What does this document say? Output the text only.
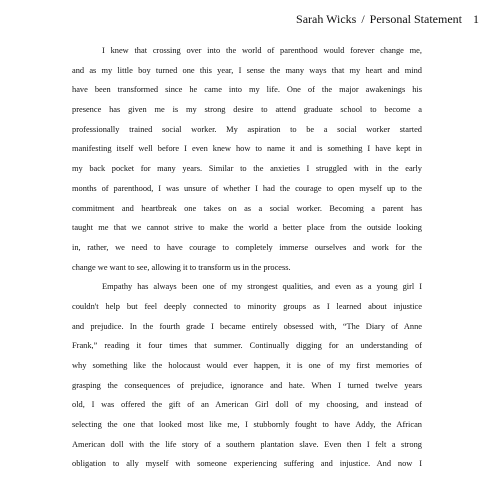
Sarah Wicks / Personal Statement 1
I knew that crossing over into the world of parenthood would forever change me,
and as my little boy turned one this year, I sense the many ways that my heart and mind
have been transformed since he came into my life. One of the major awakenings his
presence has given me is my strong desire to attend graduate school to become a
professionally trained social worker. My aspiration to be a social worker started
manifesting itself well before I even knew how to name it and is something I have kept in
my back pocket for many years. Similar to the anxieties I struggled with in the early
months of parenthood, I was unsure of whether I had the courage to open myself up to the
commitment and heartbreak one takes on as a social worker. Becoming a parent has
taught me that we cannot strive to make the world a better place from the outside looking
in, rather, we need to have courage to completely immerse ourselves and work for the
change we want to see, allowing it to transform us in the process.
Empathy has always been one of my strongest qualities, and even as a young girl I
couldn't help but feel deeply connected to minority groups as I learned about injustice
and prejudice. In the fourth grade I became entirely obsessed with, “The Diary of Anne
Frank,” reading it four times that summer. Continually digging for an understanding of
why something like the holocaust would ever happen, it is one of my first memories of
grasping the consequences of prejudice, ignorance and hate. When I turned twelve years
old, I was offered the gift of an American Girl doll of my choosing, and instead of
selecting the one that looked most like me, I stubbornly fought to have Addy, the African
American doll with the life story of a southern plantation slave. Even then I felt a strong
obligation to ally myself with someone experiencing suffering and injustice. And now I
